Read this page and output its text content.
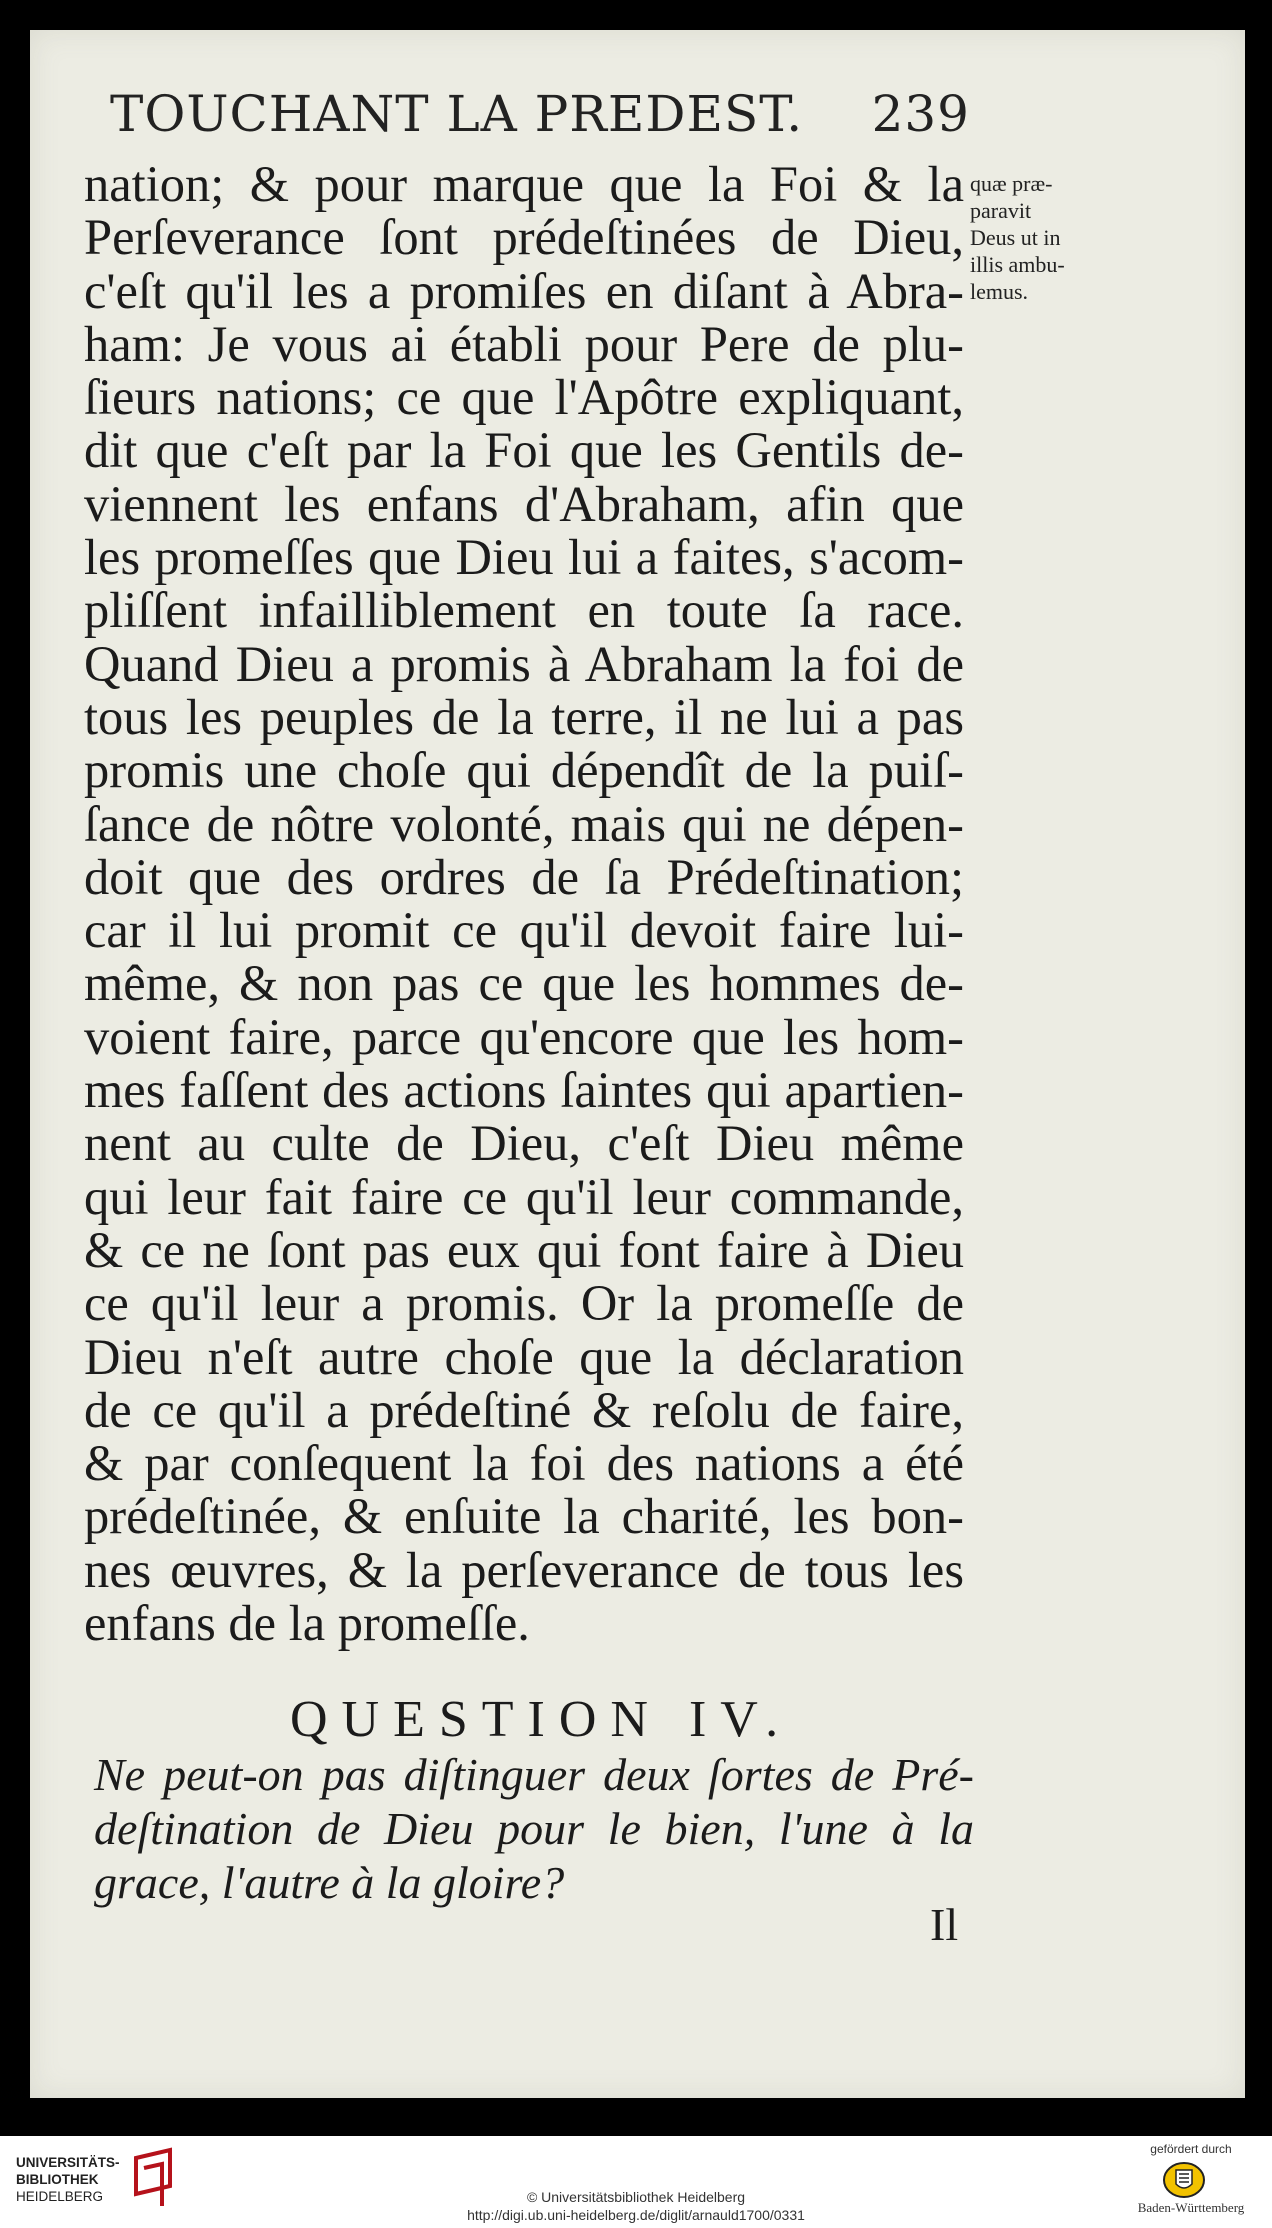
TOUCHANT LA PREDEST. 239
quæ præ-
paravit
Deus ut in
illis ambu-
lemus.
nation; & pour marque que la Foi & la
Perſeverance ſont prédeſtinées de Dieu,
c'eſt qu'il les a promiſes en diſant à Abra-
ham: Je vous ai établi pour Pere de plu-
ſieurs nations; ce que l'Apôtre expliquant,
dit que c'eſt par la Foi que les Gentils de-
viennent les enfans d'Abraham, afin que
les promeſſes que Dieu lui a faites, s'acom-
pliſſent infailliblement en toute ſa race.
Quand Dieu a promis à Abraham la foi de
tous les peuples de la terre, il ne lui a pas
promis une choſe qui dépendît de la puiſ-
ſance de nôtre volonté, mais qui ne dépen-
doit que des ordres de ſa Prédeſtination;
car il lui promit ce qu'il devoit faire lui-
même, & non pas ce que les hommes de-
voient faire, parce qu'encore que les hom-
mes faſſent des actions ſaintes qui apartien-
nent au culte de Dieu, c'eſt Dieu même
qui leur fait faire ce qu'il leur commande,
& ce ne ſont pas eux qui font faire à Dieu
ce qu'il leur a promis. Or la promeſſe de
Dieu n'eſt autre choſe que la déclaration
de ce qu'il a prédeſtiné & reſolu de faire,
& par conſequent la foi des nations a été
prédeſtinée, & enſuite la charité, les bon-
nes œuvres, & la perſeverance de tous les
enfans de la promeſſe.
QUESTION IV.
Ne peut-on pas diſtinguer deux ſortes de Pré-
deſtination de Dieu pour le bien, l'une à la
grace, l'autre à la gloire?
Il
UNIVERSITÄTS-
BIBLIOTHEK
HEIDELBERG	© Universitätsbibliothek Heidelberg
http://digi.ub.uni-heidelberg.de/diglit/arnauld1700/0331
gefördert durch
Baden-Württemberg
